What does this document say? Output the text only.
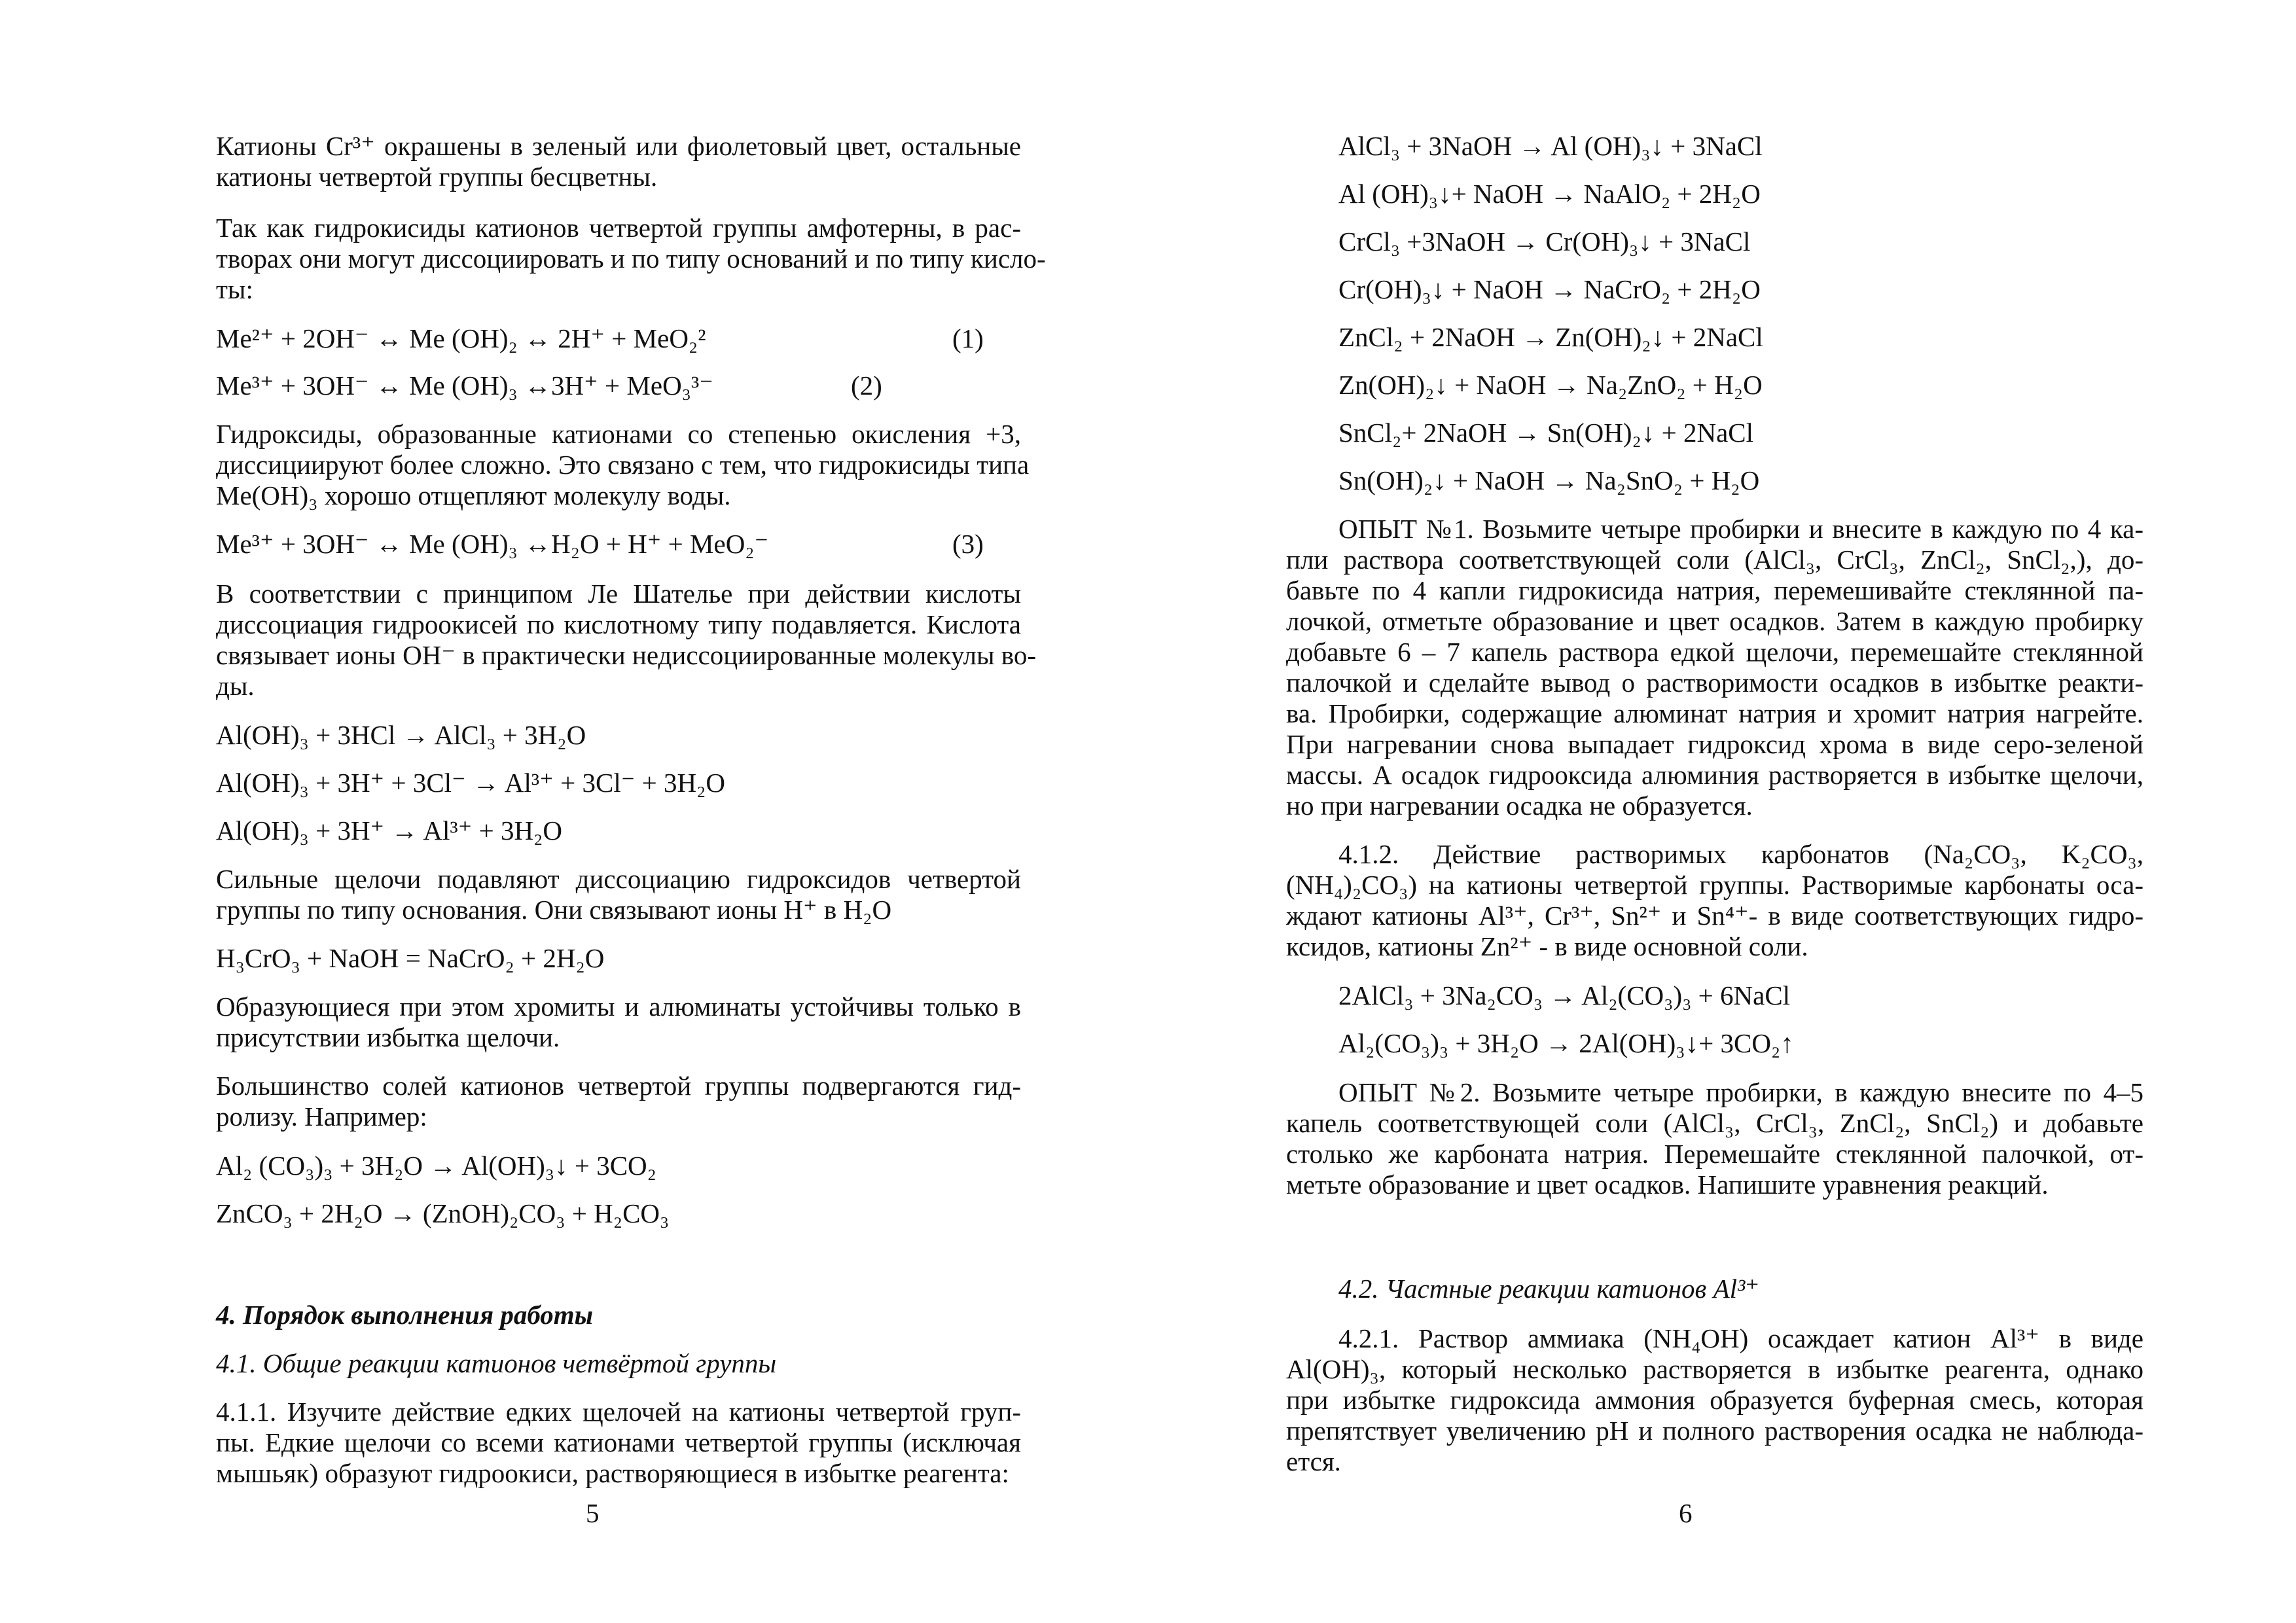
Катионы Cr³⁺ окрашены в зеленый или фиолетовый цвет, остальные
катионы четвертой группы бесцветны.
Так как гидрокисиды катионов четвертой группы амфотерны, в рас-
творах они могут диссоциировать и по типу оснований и по типу кисло-
ты:
Me²⁺ + 2OH⁻ ↔ Me (OH)₂ ↔ 2H⁺ + MeO₂²	(1)
Me³⁺ + 3OH⁻ ↔ Me (OH)₃ ↔3H⁺ + MeO₃³⁻	(2)
Гидроксиды, образованные катионами со степенью окисления +3,
диссициируют более сложно. Это связано с тем, что гидрокисиды типа
Me(OH)₃ хорошо отщепляют молекулу воды.
Me³⁺ + 3OH⁻ ↔ Me (OH)₃ ↔H₂O + H⁺ + MeO₂⁻	(3)
В соответствии с принципом Ле Шателье при действии кислоты
диссоциация гидроокисей по кислотному типу подавляется. Кислота
связывает ионы OH⁻ в практически недиссоциированные молекулы во-
ды.
Al(OH)₃ + 3HCl → AlCl₃ + 3H₂O
Al(OH)₃ + 3H⁺ + 3Cl⁻ → Al³⁺ + 3Cl⁻ + 3H₂O
Al(OH)₃ + 3H⁺ → Al³⁺ + 3H₂O
Сильные щелочи подавляют диссоциацию гидроксидов четвертой
группы по типу основания. Они связывают ионы H⁺ в H₂O
H₃CrO₃ + NaOH = NaCrO₂ + 2H₂O
Образующиеся при этом хромиты и алюминаты устойчивы только в
присутствии избытка щелочи.
Большинство солей катионов четвертой группы подвергаются гид-
ролизу. Например:
Al₂ (CO₃)₃ + 3H₂O → Al(OH)₃↓ + 3CO₂
ZnCO₃ + 2H₂O → (ZnOH)₂CO₃ + H₂CO₃
4. Порядок выполнения работы
4.1. Общие реакции катионов четвёртой группы
4.1.1. Изучите действие едких щелочей на катионы четвертой груп-
пы. Едкие щелочи со всеми катионами четвертой группы (исключая
мышьяк) образуют гидроокиси, растворяющиеся в избытке реагента:
5
AlCl₃ + 3NaOH → Al (OH)₃↓ + 3NaCl
Al (OH)₃↓+ NaOH → NaAlO₂ + 2H₂O
CrCl₃ +3NaOH → Cr(OH)₃↓ + 3NaCl
Cr(OH)₃↓ + NaOH → NaCrO₂ + 2H₂O
ZnCl₂ + 2NaOH → Zn(OH)₂↓ + 2NaCl
Zn(OH)₂↓ + NaOH → Na₂ZnO₂ + H₂O
SnCl₂+ 2NaOH → Sn(OH)₂↓ + 2NaCl
Sn(OH)₂↓ + NaOH → Na₂SnO₂ + H₂O
ОПЫТ №1. Возьмите четыре пробирки и внесите в каждую по 4 ка-
пли раствора соответствующей соли (AlCl₃, CrCl₃, ZnCl₂, SnCl₂,), до-
бавьте по 4 капли гидрокисида натрия, перемешивайте стеклянной па-
лочкой, отметьте образование и цвет осадков. Затем в каждую пробирку
добавьте 6 – 7 капель раствора едкой щелочи, перемешайте стеклянной
палочкой и сделайте вывод о растворимости осадков в избытке реакти-
ва. Пробирки, содержащие алюминат натрия и хромит натрия нагрейте.
При нагревании снова выпадает гидроксид хрома в виде серо-зеленой
массы. А осадок гидрооксида алюминия растворяется в избытке щелочи,
но при нагревании осадка не образуется.
4.1.2. Действие растворимых карбонатов (Na₂CO₃, K₂CO₃,
(NH₄)₂CO₃) на катионы четвертой группы. Растворимые карбонаты оса-
ждают катионы Al³⁺, Cr³⁺, Sn²⁺ и Sn⁴⁺- в виде соответствующих гидро-
ксидов, катионы Zn²⁺ - в виде основной соли.
2AlCl₃ + 3Na₂CO₃ → Al₂(CO₃)₃ + 6NaCl
Al₂(CO₃)₃ + 3H₂O → 2Al(OH)₃↓+ 3CO₂↑
ОПЫТ №2. Возьмите четыре пробирки, в каждую внесите по 4–5
капель соответствующей соли (AlCl₃, CrCl₃, ZnCl₂, SnCl₂) и добавьте
столько же карбоната натрия. Перемешайте стеклянной палочкой, от-
метьте образование и цвет осадков. Напишите уравнения реакций.
4.2. Частные реакции катионов Al³⁺
4.2.1. Раствор аммиака (NH₄OH) осаждает катион Al³⁺ в виде
Al(OH)₃, который несколько растворяется в избытке реагента, однако
при избытке гидроксида аммония образуется буферная смесь, которая
препятствует увеличению pH и полного растворения осадка не наблюда-
ется.
6
